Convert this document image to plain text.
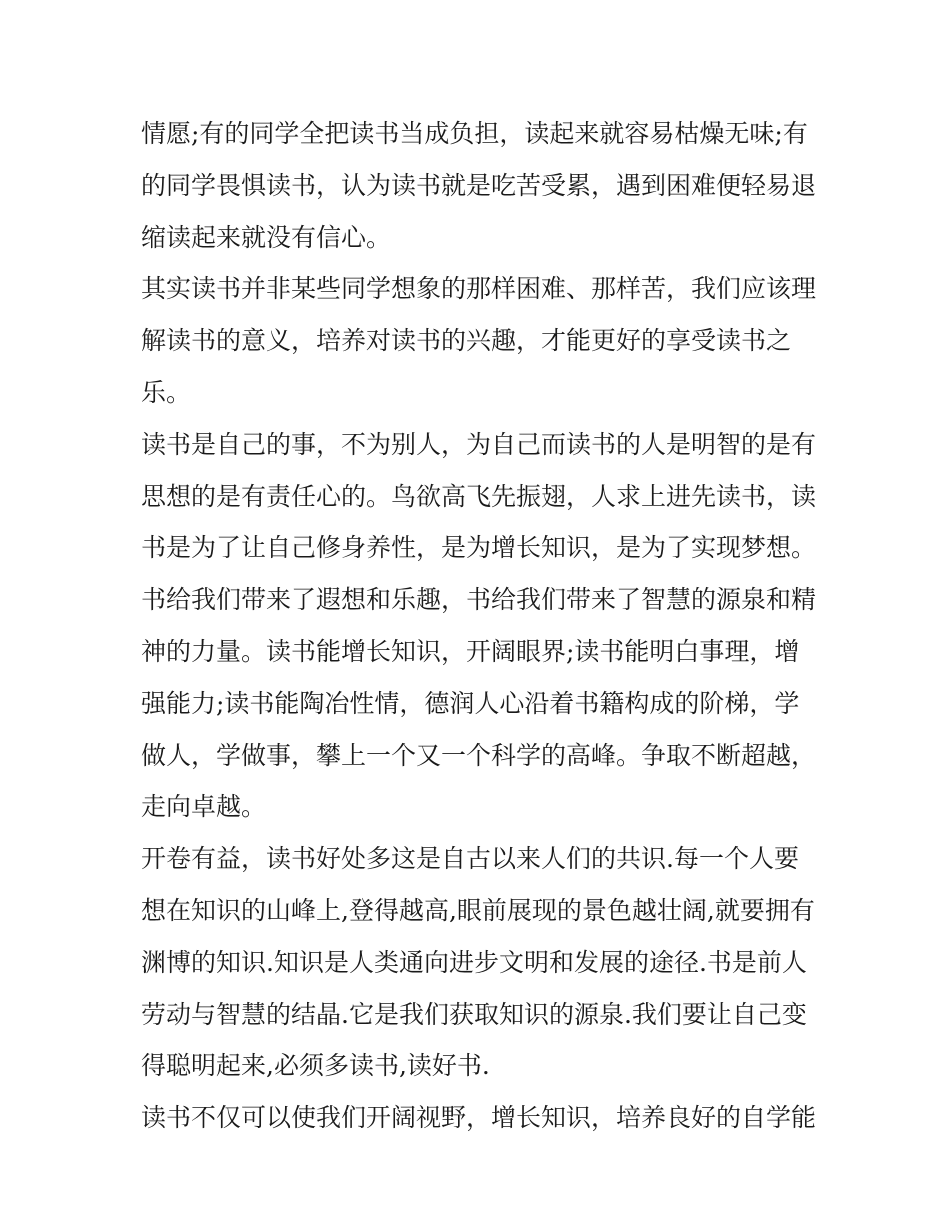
情愿;有的同学全把读书当成负担，读起来就容易枯燥无味;有
的同学畏惧读书，认为读书就是吃苦受累，遇到困难便轻易退
缩读起来就没有信心。
其实读书并非某些同学想象的那样困难、那样苦，我们应该理
解读书的意义，培养对读书的兴趣，才能更好的享受读书之
乐。
读书是自己的事，不为别人，为自己而读书的人是明智的是有
思想的是有责任心的。鸟欲高飞先振翅，人求上进先读书，读
书是为了让自己修身养性，是为增长知识，是为了实现梦想。
书给我们带来了遐想和乐趣，书给我们带来了智慧的源泉和精
神的力量。读书能增长知识，开阔眼界;读书能明白事理，增
强能力;读书能陶冶性情，德润人心沿着书籍构成的阶梯，学
做人，学做事，攀上一个又一个科学的高峰。争取不断超越，
走向卓越。
开卷有益，读书好处多这是自古以来人们的共识.每一个人要
想在知识的山峰上,登得越高,眼前展现的景色越壮阔,就要拥有
渊博的知识.知识是人类通向进步文明和发展的途径.书是前人
劳动与智慧的结晶.它是我们获取知识的源泉.我们要让自己变
得聪明起来,必须多读书,读好书.
读书不仅可以使我们开阔视野，增长知识，培养良好的自学能
